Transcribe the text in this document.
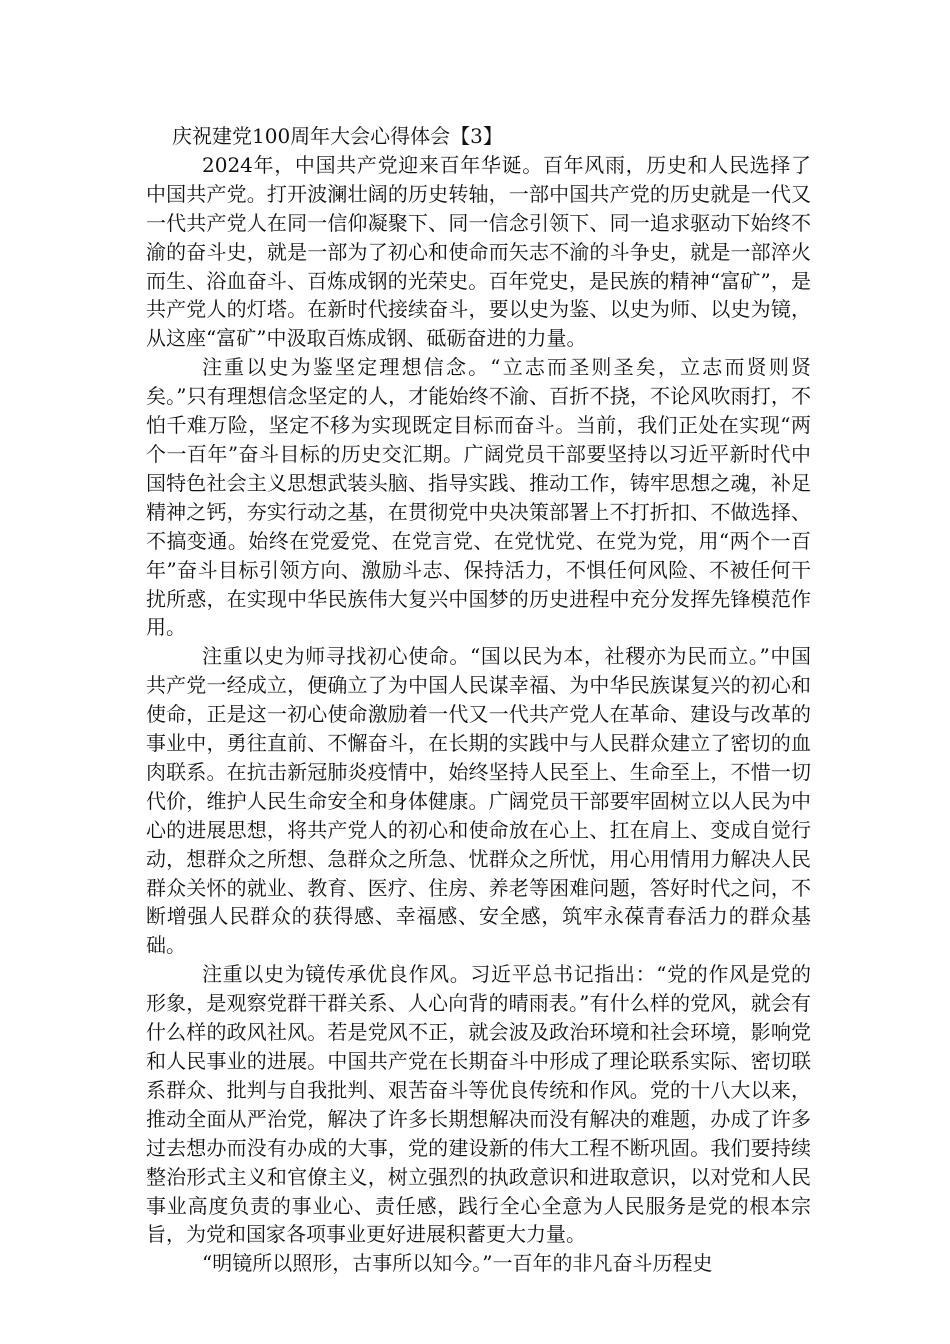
庆祝建党100周年大会心得体会【3】

2024年，中国共产党迎来百年华诞。百年风雨，历史和人民选择了中国共产党。打开波澜壮阔的历史转轴，一部中国共产党的历史就是一代又一代共产党人在同一信仰凝聚下、同一信念引领下、同一追求驱动下始终不渝的奋斗史，就是一部为了初心和使命而矢志不渝的斗争史，就是一部淬火而生、浴血奋斗、百炼成钢的光荣史。百年党史，是民族的精神“富矿”，是共产党人的灯塔。在新时代接续奋斗，要以史为鉴、以史为师、以史为镜，从这座“富矿”中汲取百炼成钢、砥砺奋进的力量。

注重以史为鉴坚定理想信念。“立志而圣则圣矣，立志而贤则贤矣。”只有理想信念坚定的人，才能始终不渝、百折不挠，不论风吹雨打，不怕千难万险，坚定不移为实现既定目标而奋斗。当前，我们正处在实现“两个一百年”奋斗目标的历史交汇期。广阔党员干部要坚持以习近平新时代中国特色社会主义思想武装头脑、指导实践、推动工作，铸牢思想之魂，补足精神之钙，夯实行动之基，在贯彻党中央决策部署上不打折扣、不做选择、不搞变通。始终在党爱党、在党言党、在党忧党、在党为党，用“两个一百年”奋斗目标引领方向、激励斗志、保持活力，不惧任何风险、不被任何干扰所惑，在实现中华民族伟大复兴中国梦的历史进程中充分发挥先锋模范作用。

注重以史为师寻找初心使命。“国以民为本，社稷亦为民而立。”中国共产党一经成立，便确立了为中国人民谋幸福、为中华民族谋复兴的初心和使命，正是这一初心使命激励着一代又一代共产党人在革命、建设与改革的事业中，勇往直前、不懈奋斗，在长期的实践中与人民群众建立了密切的血肉联系。在抗击新冠肺炎疫情中，始终坚持人民至上、生命至上，不惜一切代价，维护人民生命安全和身体健康。广阔党员干部要牢固树立以人民为中心的进展思想，将共产党人的初心和使命放在心上、扛在肩上、变成自觉行动，想群众之所想、急群众之所急、忧群众之所忧，用心用情用力解决人民群众关怀的就业、教育、医疗、住房、养老等困难问题，答好时代之问，不断增强人民群众的获得感、幸福感、安全感，筑牢永葆青春活力的群众基础。

注重以史为镜传承优良作风。习近平总书记指出：“党的作风是党的形象，是观察党群干群关系、人心向背的晴雨表。”有什么样的党风，就会有什么样的政风社风。若是党风不正，就会波及政治环境和社会环境，影响党和人民事业的进展。中国共产党在长期奋斗中形成了理论联系实际、密切联系群众、批判与自我批判、艰苦奋斗等优良传统和作风。党的十八大以来，推动全面从严治党，解决了许多长期想解决而没有解决的难题，办成了许多过去想办而没有办成的大事，党的建设新的伟大工程不断巩固。我们要持续整治形式主义和官僚主义，树立强烈的执政意识和进取意识，以对党和人民事业高度负责的事业心、责任感，践行全心全意为人民服务是党的根本宗旨，为党和国家各项事业更好进展积蓄更大力量。

“明镜所以照形，古事所以知今。”一百年的非凡奋斗历程史
